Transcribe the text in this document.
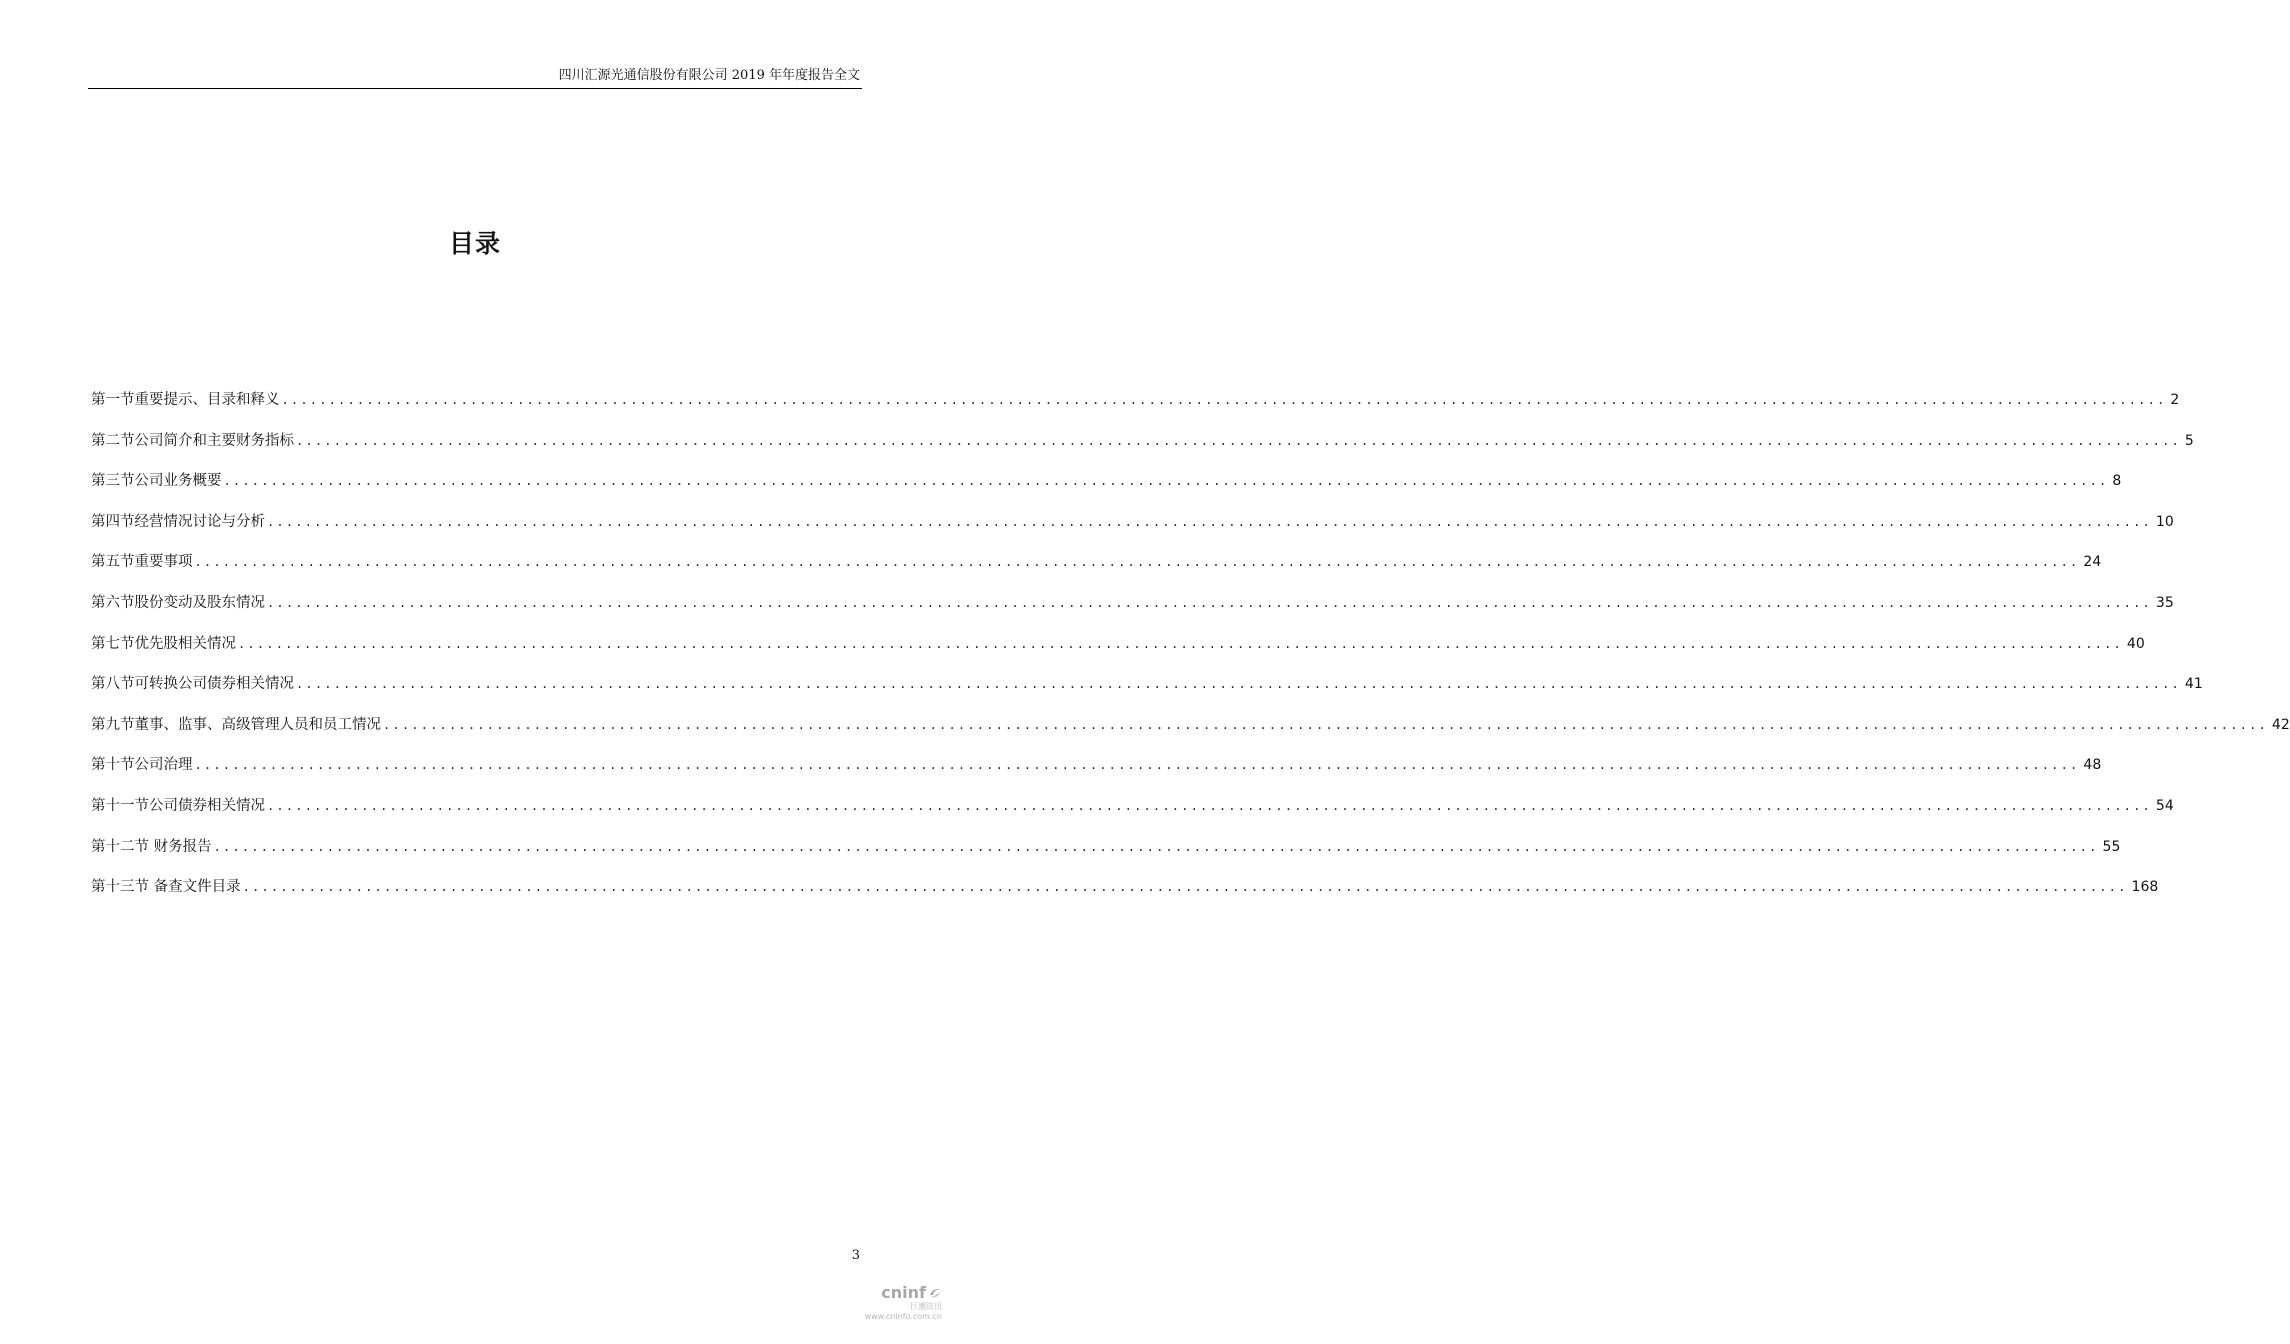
四川汇源光通信股份有限公司 2019 年年度报告全文
目录
第一节重要提示、目录和释义 ........................................................................................................................................................................................................ 2
第二节公司简介和主要财务指标 ........................................................................................................................................................................................................ 5
第三节公司业务概要 ........................................................................................................................................................................................................ 8
第四节经营情况讨论与分析 ........................................................................................................................................................................................................ 10
第五节重要事项 ........................................................................................................................................................................................................ 24
第六节股份变动及股东情况 ........................................................................................................................................................................................................ 35
第七节优先股相关情况 ........................................................................................................................................................................................................ 40
第八节可转换公司债券相关情况 ........................................................................................................................................................................................................ 41
第九节董事、监事、高级管理人员和员工情况 ........................................................................................................................................................................................................ 42
第十节公司治理 ........................................................................................................................................................................................................ 48
第十一节公司债券相关情况 ........................................................................................................................................................................................................ 54
第十二节 财务报告 ........................................................................................................................................................................................................ 55
第十三节 备查文件目录 ........................................................................................................................................................................................................ 168
3
cninf
巨潮资讯
www.cninfo.com.cn
